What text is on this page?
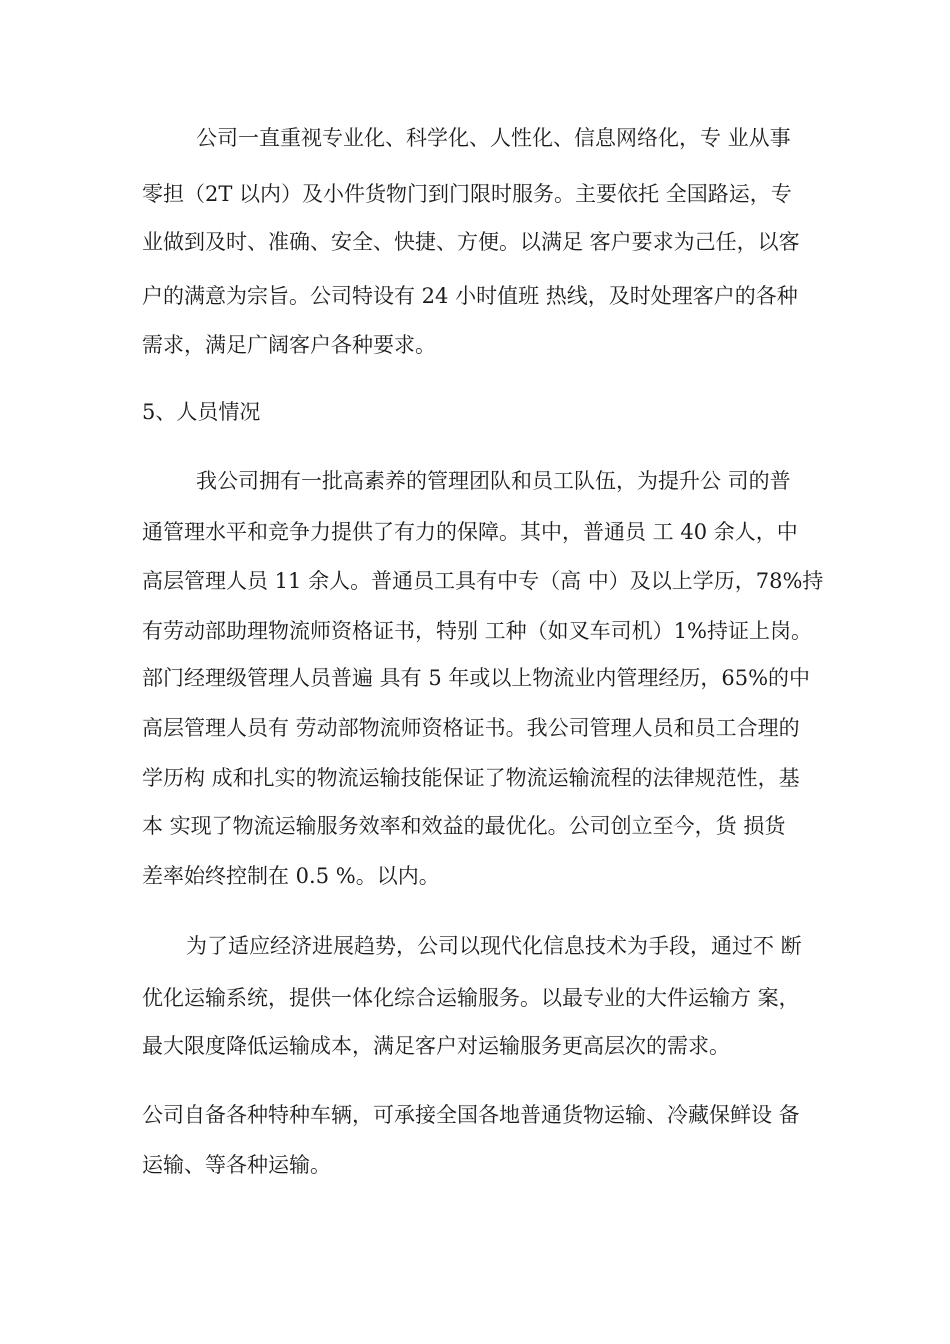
公司一直重视专业化、科学化、人性化、信息网络化，专 业从事
零担（2T 以内）及小件货物门到门限时服务。主要依托 全国路运，专
业做到及时、准确、安全、快捷、方便。以满足 客户要求为己任，以客
户的满意为宗旨。公司特设有 24 小时值班 热线，及时处理客户的各种
需求，满足广阔客户各种要求。
5、人员情况
我公司拥有一批高素养的管理团队和员工队伍，为提升公 司的普
通管理水平和竞争力提供了有力的保障。其中，普通员 工 40 余人，中
高层管理人员 11 余人。普通员工具有中专（高 中）及以上学历，78%持
有劳动部助理物流师资格证书，特别 工种（如叉车司机）1%持证上岗。
部门经理级管理人员普遍 具有 5 年或以上物流业内管理经历，65%的中
高层管理人员有 劳动部物流师资格证书。我公司管理人员和员工合理的
学历构 成和扎实的物流运输技能保证了物流运输流程的法律规范性，基
本 实现了物流运输服务效率和效益的最优化。公司创立至今，货 损货
差率始终控制在 0.5 %。以内。
为了适应经济进展趋势，公司以现代化信息技术为手段，通过不 断
优化运输系统，提供一体化综合运输服务。以最专业的大件运输方 案，
最大限度降低运输成本，满足客户对运输服务更高层次的需求。
公司自备各种特种车辆，可承接全国各地普通货物运输、冷藏保鲜设 备
运输、等各种运输。
